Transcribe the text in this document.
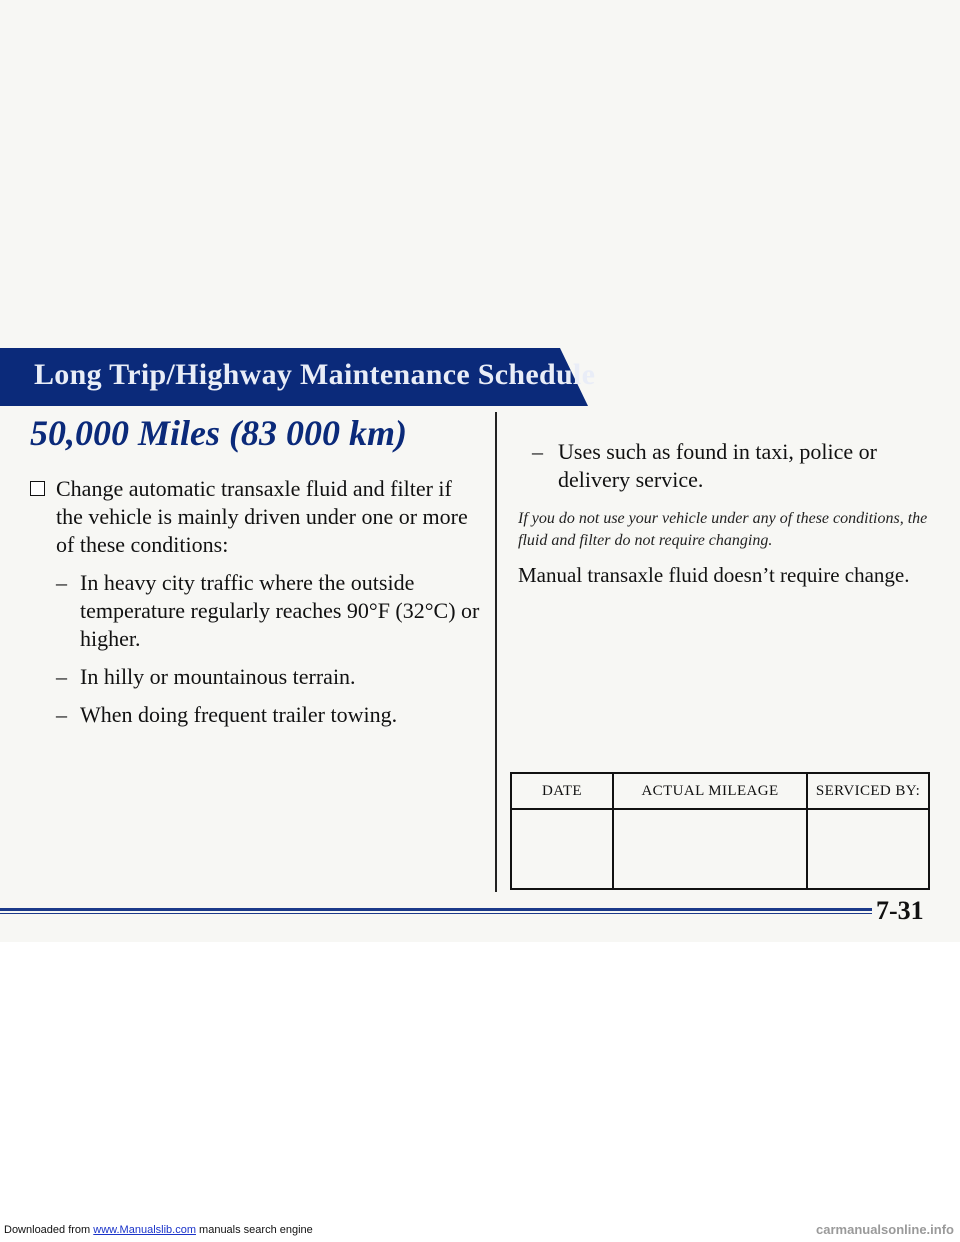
Long Trip/Highway Maintenance Schedule
50,000 Miles (83 000 km)
Change automatic transaxle fluid and filter if the vehicle is mainly driven under one or more of these conditions:
– In heavy city traffic where the outside temperature regularly reaches 90°F (32°C) or higher.
– In hilly or mountainous terrain.
– When doing frequent trailer towing.
– Uses such as found in taxi, police or delivery service.
If you do not use your vehicle under any of these conditions, the fluid and filter do not require changing.
Manual transaxle fluid doesn’t require change.
DATE	ACTUAL MILEAGE	SERVICED BY:

7-31
Downloaded from www.Manualslib.com manuals search engine	carmanualsonline.info
